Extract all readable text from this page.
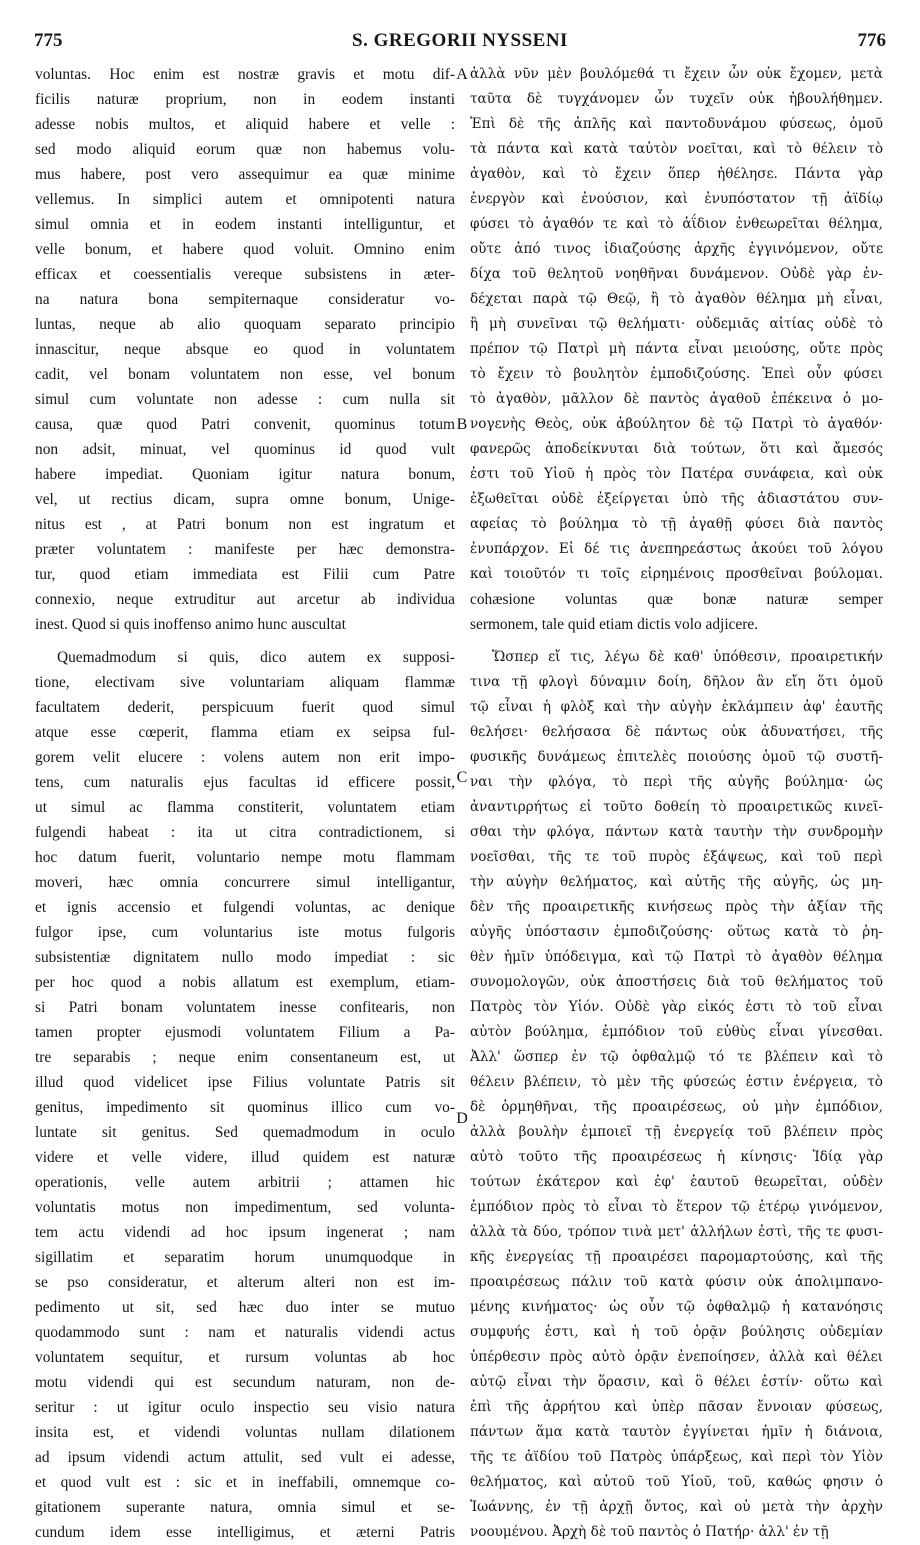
775	S. GREGORII NYSSENI	776
voluntas. Hoc enim est nostræ gravis et motu dif-
ficilis naturæ proprium, non in eodem instanti
adesse nobis multos, et aliquid habere et velle :
sed modo aliquid eorum quæ non habemus volu-
mus habere, post vero assequimur ea quæ minime
vellemus. In simplici autem et omnipotenti natura
simul omnia et in eodem instanti intelliguntur, et
velle bonum, et habere quod voluit. Omnino enim
efficax et coessentialis vereque subsistens in æter-
na natura bona sempiternaque consideratur vo-
luntas, neque ab alio quoquam separato principio
innascitur, neque absque eo quod in voluntatem
cadit, vel bonam voluntatem non esse, vel bonum
simul cum voluntate non adesse : cum nulla sit
causa, quæ quod Patri convenit, quominus totum
non adsit, minuat, vel quominus id quod vult
habere impediat. Quoniam igitur natura bonum,
vel, ut rectius dicam, supra omne bonum, Unige-
nitus est , at Patri bonum non est ingratum et
præter voluntatem : manifeste per hæc demonstra-
tur, quod etiam immediata est Filii cum Patre
connexio, neque extruditur aut arcetur ab individua
inest. Quod si quis inoffenso animo hunc auscultat
Quemadmodum si quis, dico autem ex supposi-
tione, electivam sive voluntariam aliquam flammæ
facultatem dederit, perspicuum fuerit quod simul
atque esse cœperit, flamma etiam ex seipsa ful-
gorem velit elucere : volens autem non erit impo-
tens, cum naturalis ejus facultas id efficere possit,
ut simul ac flamma constiterit, voluntatem etiam
fulgendi habeat : ita ut citra contradictionem, si
hoc datum fuerit, voluntario nempe motu flammam
moveri, hæc omnia concurrere simul intelligantur,
et ignis accensio et fulgendi voluntas, ac denique
fulgor ipse, cum voluntarius iste motus fulgoris
subsistentiæ dignitatem nullo modo impediat : sic
per hoc quod a nobis allatum est exemplum, etiam-
si Patri bonam voluntatem inesse confitearis, non
tamen propter ejusmodi voluntatem Filium a Pa-
tre separabis ; neque enim consentaneum est, ut
illud quod videlicet ipse Filius voluntate Patris sit
genitus, impedimento sit quominus illico cum vo-
luntate sit genitus. Sed quemadmodum in oculo
videre et velle videre, illud quidem est naturæ
operationis, velle autem arbitrii ; attamen hic
voluntatis motus non impedimentum, sed volunta-
tem actu videndi ad hoc ipsum ingenerat ; nam
sigillatim et separatim horum unumquodque in
se pso consideratur, et alterum alteri non est im-
pedimento ut sit, sed hæc duo inter se mutuo
quodammodo sunt : nam et naturalis videndi actus
voluntatem sequitur, et rursum voluntas ab hoc
motu videndi qui est secundum naturam, non de-
seritur : ut igitur oculo inspectio seu visio natura
insita est, et videndi voluntas nullam dilationem
ad ipsum videndi actum attulit, sed vult ei adesse,
et quod vult est : sic et in ineffabili, omnemque co-
gitationem superante natura, omnia simul et se-
cundum idem esse intelligimus, et æterni Patris
ἀλλὰ νῦν μὲν βουλόμεθά τι ἔχειν ὧν οὐκ ἔχομεν, μετὰ
ταῦτα δὲ τυγχάνομεν ὧν τυχεῖν οὐκ ἠβουλήθημεν.
Ἐπὶ δὲ τῆς ἁπλῆς καὶ παντοδυνάμου φύσεως, ὁμοῦ
τὰ πάντα καὶ κατὰ ταὐτὸν νοεῖται, καὶ τὸ θέλειν τὸ
ἀγαθὸν, καὶ τὸ ἔχειν ὅπερ ἠθέλησε. Πάντα γὰρ
ἐνεργὸν καὶ ἐνούσιον, καὶ ἐνυπόστατον τῇ ἀϊδίῳ
φύσει τὸ ἀγαθόν τε καὶ τὸ ἀΐδιον ἐνθεωρεῖται θέλημα,
οὔτε ἀπό τινος ἰδιαζούσης ἀρχῆς ἐγγινόμενον, οὔτε
δίχα τοῦ θελητοῦ νοηθῆναι δυνάμενον. Οὐδὲ γὰρ ἐν-
δέχεται παρὰ τῷ Θεῷ, ἢ τὸ ἀγαθὸν θέλημα μὴ εἶναι,
ἢ μὴ συνεῖναι τῷ θελήματι· οὐδεμιᾶς αἰτίας οὐδὲ τὸ
πρέπον τῷ Πατρὶ μὴ πάντα εἶναι μειούσης, οὔτε πρὸς
τὸ ἔχειν τὸ βουλητὸν ἐμποδιζούσης. Ἐπεὶ οὖν φύσει
τὸ ἀγαθὸν, μᾶλλον δὲ παντὸς ἀγαθοῦ ἐπέκεινα ὁ μο-
νογενὴς Θεὸς, οὐκ ἀβούλητον δὲ τῷ Πατρὶ τὸ ἀγαθόν·
φανερῶς ἀποδείκνυται διὰ τούτων, ὅτι καὶ ἄμεσός
ἐστι τοῦ Υἱοῦ ἡ πρὸς τὸν Πατέρα συνάφεια, καὶ οὐκ
ἐξωθεῖται οὐδὲ ἐξείργεται ὑπὸ τῆς ἀδιαστάτου συν-
αφείας τὸ βούλημα τὸ τῇ ἀγαθῇ φύσει διὰ παντὸς
ἐνυπάρχον. Εἰ δέ τις ἀνεπηρεάστως ἀκούει τοῦ λόγου
καὶ τοιοῦτόν τι τοῖς εἰρημένοις προσθεῖναι βούλομαι.
cohæsione voluntas quæ bonæ naturæ semper
sermonem, tale quid etiam dictis volo adjicere.
Ὥσπερ εἴ τις, λέγω δὲ καθ' ὑπόθεσιν, προαιρετικήν
τινα τῇ φλογὶ δύναμιν δοίη, δῆλον ἂν εἴη ὅτι ὁμοῦ
τῷ εἶναι ἡ φλὸξ καὶ τὴν αὐγὴν ἐκλάμπειν ἀφ' ἑαυτῆς
θελήσει· θελήσασα δὲ πάντως οὐκ ἀδυνατήσει, τῆς
φυσικῆς δυνάμεως ἐπιτελὲς ποιούσης ὁμοῦ τῷ συστῆ-
ναι τὴν φλόγα, τὸ περὶ τῆς αὐγῆς βούλημα· ὡς
ἀναντιρρήτως εἰ τοῦτο δοθείη τὸ προαιρετικῶς κινεῖ-
σθαι τὴν φλόγα, πάντων κατὰ ταυτὴν τὴν συνδρομὴν
νοεῖσθαι, τῆς τε τοῦ πυρὸς ἐξάψεως, καὶ τοῦ περὶ
τὴν αὐγὴν θελήματος, καὶ αὐτῆς τῆς αὐγῆς, ὡς μη-
δὲν τῆς προαιρετικῆς κινήσεως πρὸς τὴν ἀξίαν τῆς
αὐγῆς ὑπόστασιν ἐμποδιζούσης· οὕτως κατὰ τὸ ῥη-
θὲν ἡμῖν ὑπόδειγμα, καὶ τῷ Πατρὶ τὸ ἀγαθὸν θέλημα
συνομολογῶν, οὐκ ἀποστήσεις διὰ τοῦ θελήματος τοῦ
Πατρὸς τὸν Υἱόν. Οὐδὲ γὰρ εἰκός ἐστι τὸ τοῦ εἶναι
αὐτὸν βούλημα, ἐμπόδιον τοῦ εὐθὺς εἶναι γίνεσθαι.
Ἀλλ' ὥσπερ ἐν τῷ ὀφθαλμῷ τό τε βλέπειν καὶ τὸ
θέλειν βλέπειν, τὸ μὲν τῆς φύσεώς ἐστιν ἐνέργεια, τὸ
δὲ ὁρμηθῆναι, τῆς προαιρέσεως, οὐ μὴν ἐμπόδιον,
ἀλλὰ βουλὴν ἐμποιεῖ τῇ ἐνεργείᾳ τοῦ βλέπειν πρὸς
αὐτὸ τοῦτο τῆς προαιρέσεως ἡ κίνησις· Ἰδίᾳ γὰρ
τούτων ἑκάτερον καὶ ἐφ' ἑαυτοῦ θεωρεῖται, οὐδὲν
ἐμπόδιον πρὸς τὸ εἶναι τὸ ἕτερον τῷ ἑτέρῳ γινόμενον,
ἀλλὰ τὰ δύο, τρόπον τινὰ μετ' ἀλλήλων ἐστὶ, τῆς τε φυσι-
κῆς ἐνεργείας τῇ προαιρέσει παρομαρτούσης, καὶ τῆς
προαιρέσεως πάλιν τοῦ κατὰ φύσιν οὐκ ἀπολιμπανο-
μένης κινήματος· ὡς οὖν τῷ ὀφθαλμῷ ἡ κατανόησις
συμφυής ἐστι, καὶ ἡ τοῦ ὁρᾷν βούλησις οὐδεμίαν
ὑπέρθεσιν πρὸς αὐτὸ ὁρᾷν ἐνεποίησεν, ἀλλὰ καὶ θέλει
αὐτῷ εἶναι τὴν ὅρασιν, καὶ ὃ θέλει ἐστίν· οὕτω καὶ
ἐπὶ τῆς ἀρρήτου καὶ ὑπὲρ πᾶσαν ἔννοιαν φύσεως,
πάντων ἅμα κατὰ ταυτὸν ἐγγίνεται ἡμῖν ἡ διάνοια,
τῆς τε ἀϊδίου τοῦ Πατρὸς ὑπάρξεως, καὶ περὶ τὸν Υἱὸν
θελήματος, καὶ αὐτοῦ τοῦ Υἱοῦ, τοῦ, καθώς φησιν ὁ
Ἰωάννης, ἐν τῇ ἀρχῇ ὄντος, καὶ οὐ μετὰ τὴν ἀρχὴν
νοουμένου. Ἀρχὴ δὲ τοῦ παντὸς ὁ Πατήρ· ἀλλ' ἐν τῇ
A
B
C
D
